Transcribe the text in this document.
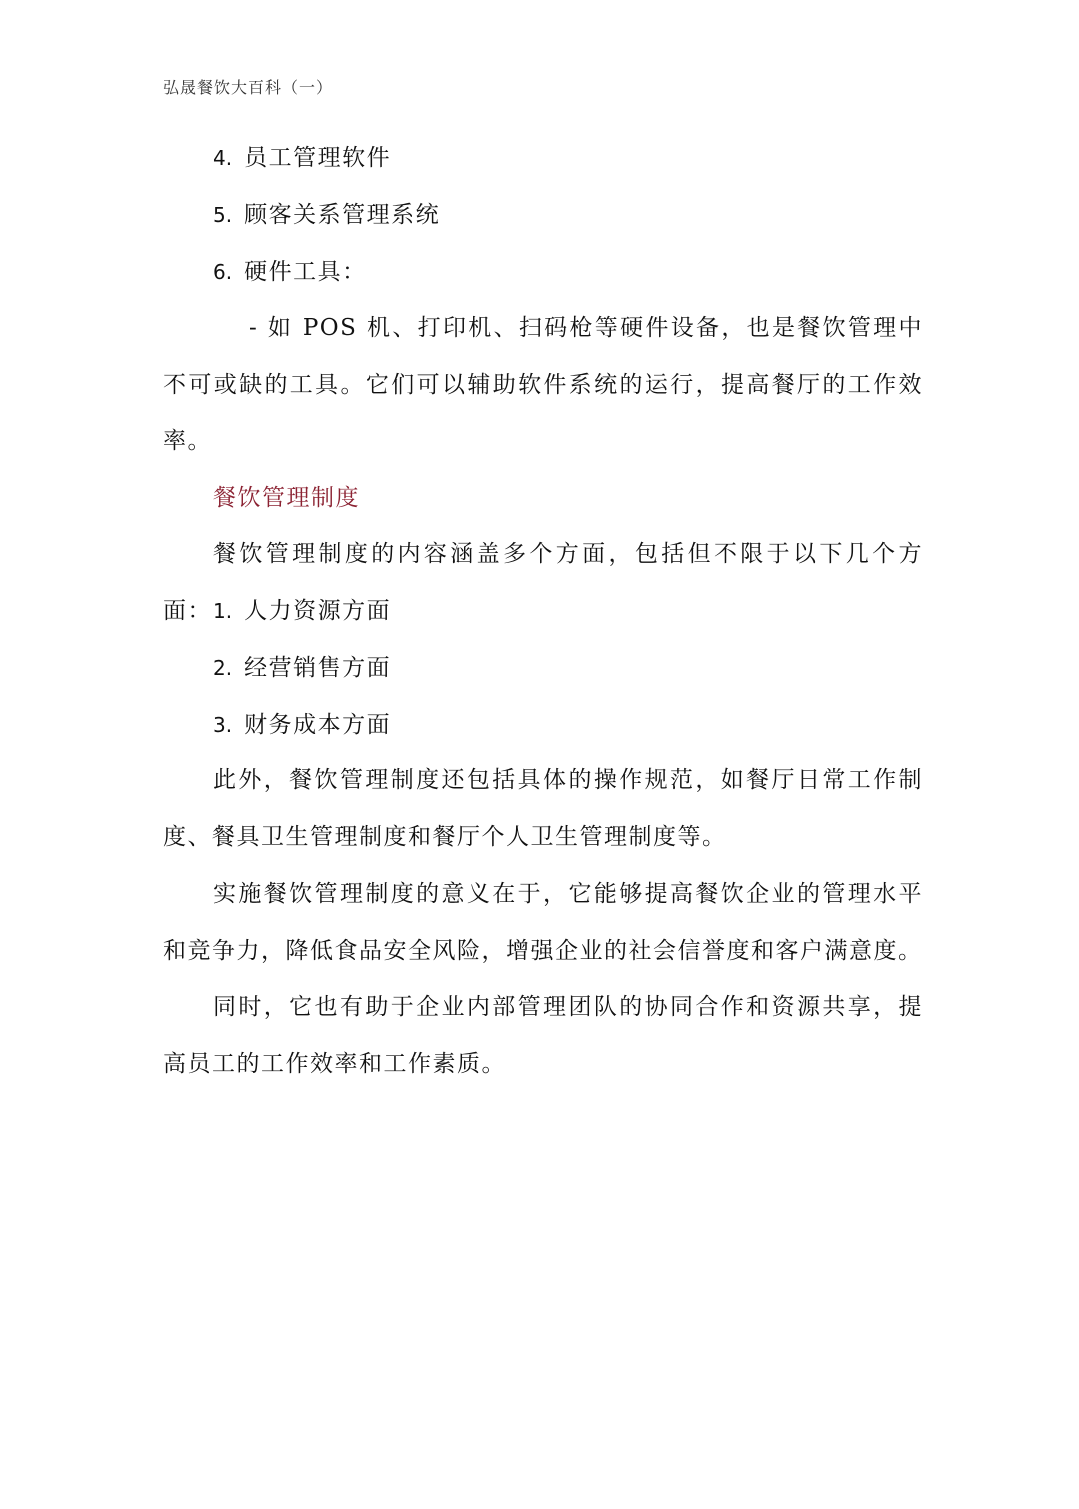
弘晟餐饮大百科（一）
4. 员工管理软件
5. 顾客关系管理系统
6. 硬件工具：
- 如 POS 机、打印机、扫码枪等硬件设备，也是餐饮管理中不可或缺的工具。它们可以辅助软件系统的运行，提高餐厅的工作效率。
餐饮管理制度
餐饮管理制度的内容涵盖多个方面，包括但不限于以下几个方面： 1. 人力资源方面
2. 经营销售方面
3. 财务成本方面
此外，餐饮管理制度还包括具体的操作规范，如餐厅日常工作制度、餐具卫生管理制度和餐厅个人卫生管理制度等。
实施餐饮管理制度的意义在于，它能够提高餐饮企业的管理水平和竞争力，降低食品安全风险，增强企业的社会信誉度和客户满意度。
同时，它也有助于企业内部管理团队的协同合作和资源共享，提高员工的工作效率和工作素质。
